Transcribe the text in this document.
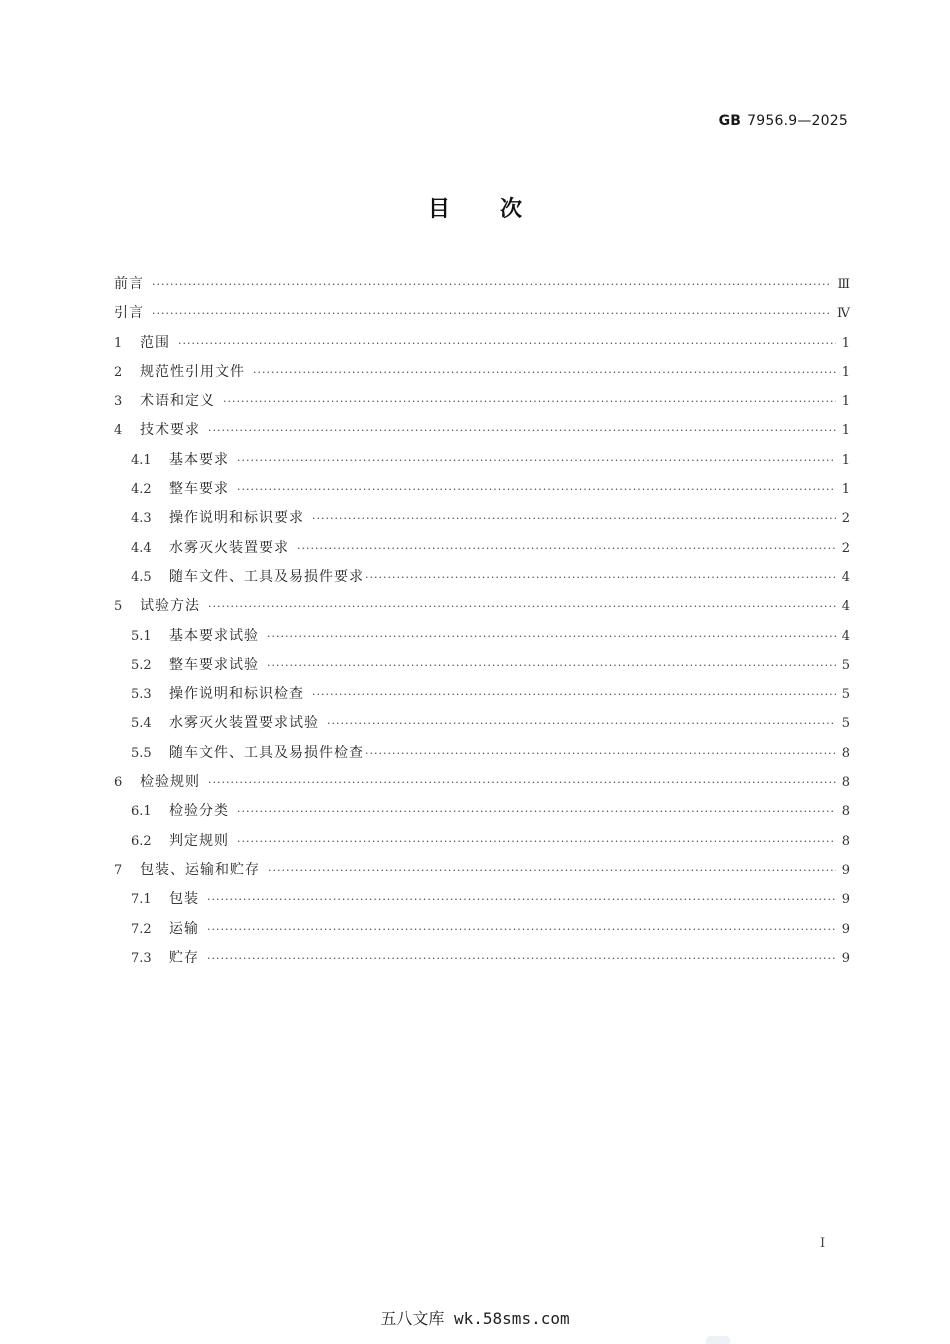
GB 7956.9—2025
目次
前言 ·····	Ⅲ
引言 ·····	Ⅳ
1	范围 ·····	1
2	规范性引用文件 ·····	1
3	术语和定义 ·····	1
4	技术要求 ·····	1
4.1	基本要求 ·····	1
4.2	整车要求 ·····	1
4.3	操作说明和标识要求 ·····	2
4.4	水雾灭火装置要求 ·····	2
4.5	随车文件、工具及易损件要求 ·····	4
5	试验方法 ·····	4
5.1	基本要求试验 ·····	4
5.2	整车要求试验 ·····	5
5.3	操作说明和标识检查 ·····	5
5.4	水雾灭火装置要求试验 ·····	5
5.5	随车文件、工具及易损件检查 ·····	8
6	检验规则 ·····	8
6.1	检验分类 ·····	8
6.2	判定规则 ·····	8
7	包装、运输和贮存 ·····	9
7.1	包装 ·····	9
7.2	运输 ·····	9
7.3	贮存 ·····	9
Ⅰ
五八文库 wk.58sms.com
